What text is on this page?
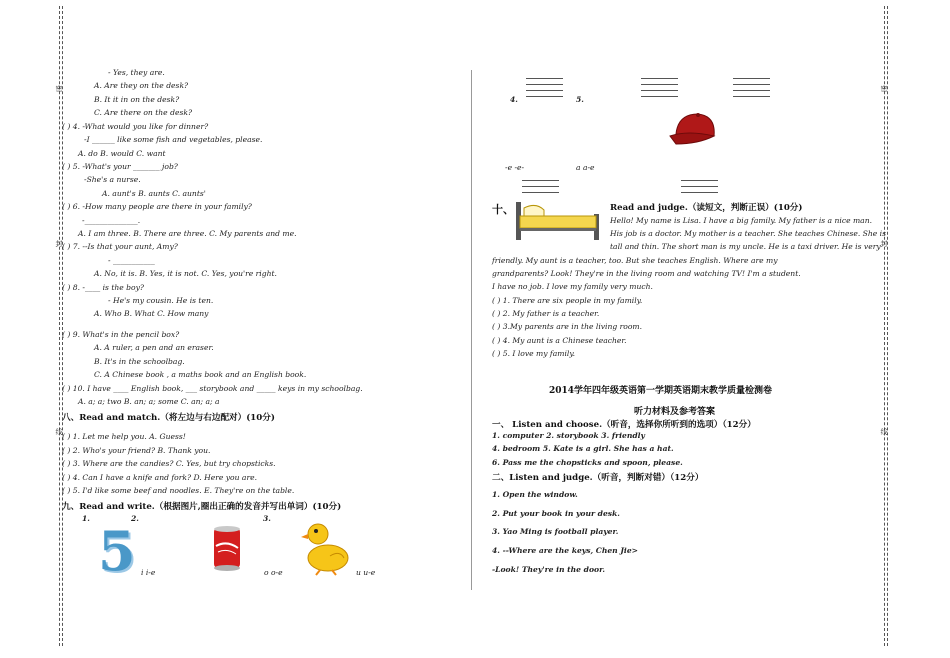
密
封
线
密
封
线
- Yes, they are.
A. Are they on the desk?
B. It it in on the desk?
C. Are there on the desk?
( ) 4. -What would you like for dinner?
-I ______ like some fish and vegetables, please.
A. do B. would C. want
( ) 5. -What's your _______ job?
-She's a nurse.
A. aunt's B. aunts C. aunts'
( ) 6. -How many people are there in your family?
-______________.
A. I am three. B. There are three. C. My parents and me.
( ) 7. --Is that your aunt, Amy?
- ___________
A. No, it is. B. Yes, it is not. C. Yes, you're right.
( ) 8. -____ is the boy?
- He's my cousin. He is ten.
A. Who B. What C. How many
( ) 9. What's in the pencil box?
A. A ruler, a pen and an eraser.
B. It's in the schoolbag.
C. A Chinese book , a maths book and an English book.
( ) 10. I have ____ English book, ___ storybook and _____ keys in my schoolbag.
A. a; a; two B. an; a; some C. an; a; a
八、Read and match.（将左边与右边配对）(10分)
( ) 1. Let me help you. A. Guess!
( ) 2. Who's your friend? B. Thank you.
( ) 3. Where are the candies? C. Yes, but try chopsticks.
( ) 4. Can I have a knife and fork? D. Here you are.
( ) 5. I'd like some beef and noodles. E. They're on the table.
九、Read and write.（根据图片,圈出正确的发音并写出单词）(10分)
1.	2.	3.
5 i i-e	o o-e	u u-e
4.	5.
-e -e-	a a-e
十、	Read and judge.（读短文，判断正误）(10分)
Hello! My name is Lisa. I have a big family. My father is a nice man.
His job is a doctor. My mother is a teacher. She teaches Chinese. She is
tall and thin. The short man is my uncle. He is a taxi driver. He is very
friendly. My aunt is a teacher, too. But she teaches English. Where are my
grandparents? Look! They're in the living room and watching TV! I'm a student.
I have no job. I love my family very much.
( ) 1. There are six people in my family.
( ) 2. My father is a teacher.
( ) 3.My parents are in the living room.
( ) 4. My aunt is a Chinese teacher.
( ) 5. I love my family.
2014学年四年级英语第一学期英语期末教学质量检测卷
听力材料及参考答案
一、 Listen and choose.（听音，选择你所听到的选项）（12分）
1. computer 2. storybook 3. friendly
4. bedroom 5. Kate is a girl. She has a hat.
6. Pass me the chopsticks and spoon, please.
二、Listen and judge.（听音，判断对错）（12分）
1. Open the window.
2. Put your book in your desk.
3. Yao Ming is football player.
4. --Where are the keys, Chen Jie>
-Look! They're in the door.
